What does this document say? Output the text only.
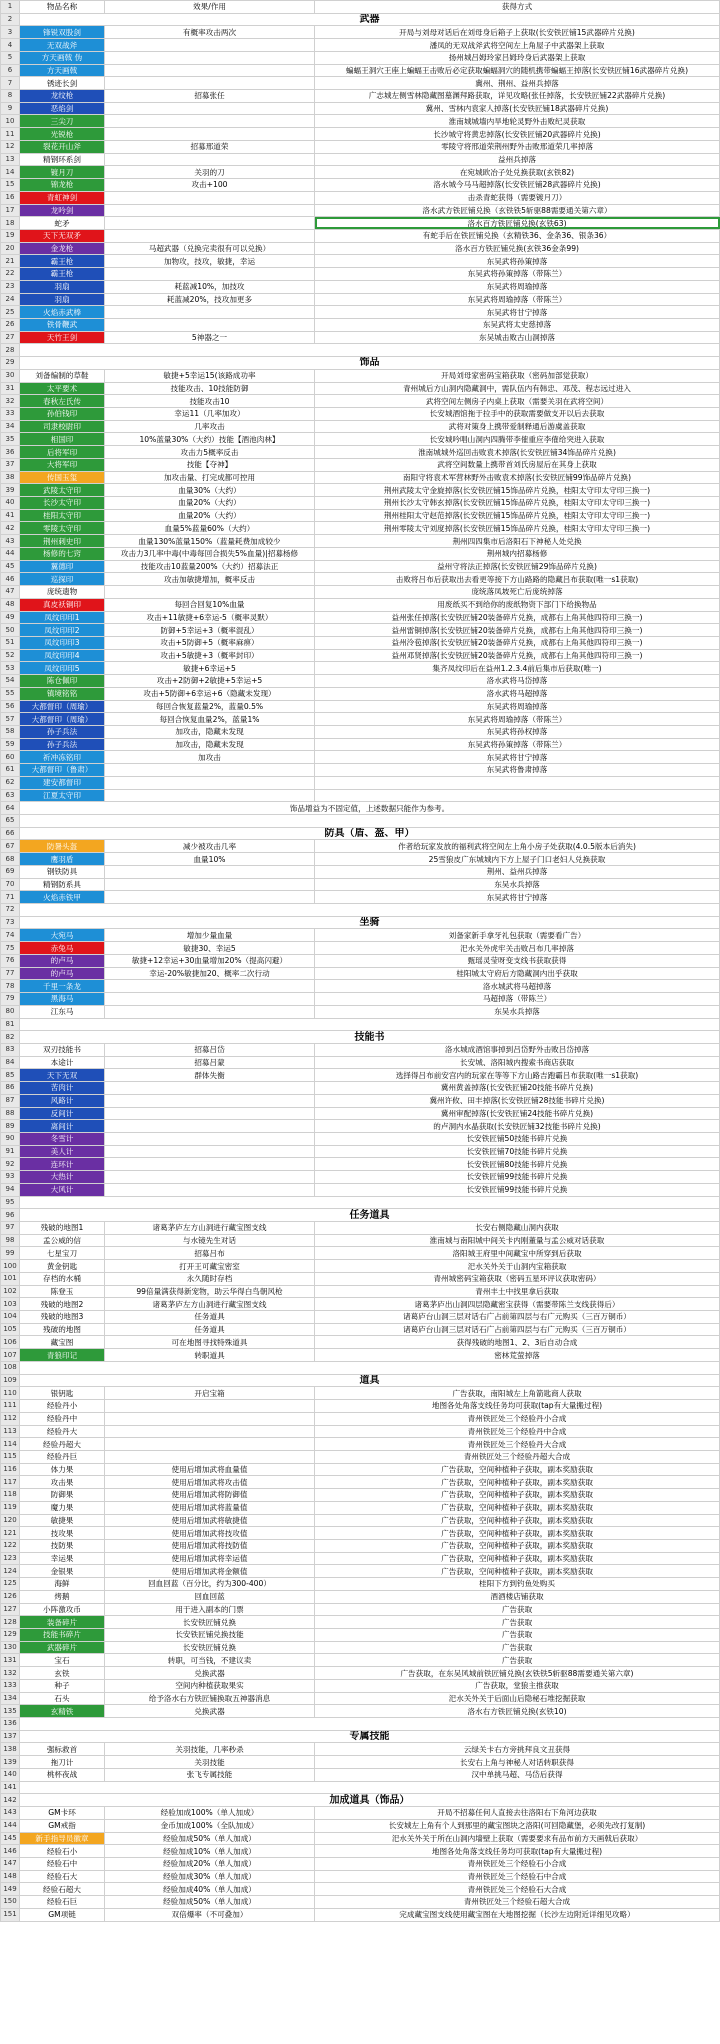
1	物品名称	效果/作用	获得方式
2	武器		
3	锋锐双股剑	有概率攻击两次	开局与刘母对话后在刘母身后箱子上获取(长安铁匠铺15武器碎片兑换)
4	无双战斧		潘凤的无双战斧武将空间左上角屋子中武器架上获取
5	方天画戟 伪		扬州城吕姆玲家吕姆玲身后武器架上获取
6	方天画戟		蝙蝠王洞穴王座上蝙蝠王击败后必定获取蝙蝠洞穴的随机携带蝙蝠王掉落(长安铁匠铺16武器碎片兑换)
7	锈迹长剑		冀州、荆州、益州兵掉落
8	龙纹枪	招募张任	广志城左侧雪林隐藏图墓渊拜路获取，详见攻略(张任掉落，长安铁匠铺22武器碎片兑换)
9	恶焰剑		冀州、雪林内袁家人掉落(长安铁匠铺18武器碎片兑换)
10	三尖刀		淮南城城墙内旱地轮灵野外击败纪灵获取
11	光锐枪		长沙城守将黄忠掉落(长安铁匠铺20武器碎片兑换)
12	裂花开山斧	招募邢道荣	零陵守将邢道荣荆州野外击败邢道荣几率掉落
13	精钢环系剑		益州兵掉落
14	镀月刀	关羽的刀	在宛城欧冶子处兑换获取(玄铁82)
15	锦龙枪	攻击+100	洛水城今马马超掉落(长安铁匠铺28武器碎片兑换)
16	青虹神剑		击杀青蛇获得（需要镀月刀）
17	龙吟剑		洛水武方铁匠铺兑换（玄铁铁5斩驱88需要通关第六章）
18	蛇矛		洛水百方铁匠铺兑换(玄铁63)
19	天下无双矛		有蛇手后在铁匠铺兑换（玄精铁36、金条36、银条36）
20	金龙枪	马超武器（兑换完卖很有可以兑换）	洛水百方铁匠铺兑换(玄铁36金条99)
21	霸王枪	加物攻，技攻，敏捷，幸运	东吴武将孙策掉落
22	霸王枪		东吴武将孙策掉落（带陈兰）
23	羽扇	耗蓝减10%，加技攻	东吴武将周瑜掉落
24	羽扇	耗蓝减20%，技攻加更多	东吴武将周瑜掉落（带陈兰）
25	火焰赤武棒		东吴武将甘宁掉落
26	铁骨鞭武		东吴武将太史慈掉落
27	天竹王剑	5神器之一	东吴城击败古山洞掉落
28			
29	饰品		
30	刘备编制的草鞋	敏捷+5幸运15(该路成功率	开局刘母家密码宝箱获取（密码加部觉获取）
31	太平要术	技能攻击、10技能防御	青州城后方山洞内隐藏洞中，需队伍内有韩忠、邓茂、程志远过进入
32	春秋左氏传	技能攻击10	武将空间左侧房子内桌上获取（需要关羽在武将空间）
33	孙伯钱印	幸运11（几率加攻）	长安城酒馆拖于拉手中的获取需要做支开以后去获取
34	司隶校尉印	几率攻击	武将对策身上携带爱制释通后游虞盖获取
35	相国印	10%蓝量30%（大约）技能【酒池肉林】	长安城吟唱山洞内四腾带李傕重应李傕给突进入获取
36	后将军印	攻击力5概率反击	淮南城城外巡回击败袁术掉落(长安铁匠铺34饰品碎片兑换)
37	大将军印	技能【夺神】	武将空间数量上携带首刘氏房屋后在其身上获取
38	传国玉玺	加攻击量、打完成都可控用	南阳守将袁术军营林野外击败袁术掉落(长安铁匠铺99饰品碎片兑换)
39	武陵太守印	血量30%（大约）	荆州武陵太守金旋掉落(长安铁匠铺15饰品碎片兑换，桂阳太守印太守印三换一)
40	长沙太守印	血量20%（大约）	荆州长沙太守韩玄掉落(长安铁匠铺15饰品碎片兑换，桂阳太守印太守印三换一)
41	桂阳太守印	血量20%（大约）	荆州桂阳太守赵范掉落(长安铁匠铺15饰品碎片兑换，桂阳太守印太守印三换一)
42	零陵太守印	血量5%蓝量60%（大约）	荆州零陵太守刘度掉落(长安铁匠铺15饰品碎片兑换，桂阳太守印太守印三换一)
43	荆州刺史印	血量130%蓝量150%（蓝量耗费加成较少	荆州四四集市后洛阳石下神秘人处兑换
44	杨修的七窍	攻击力3几率中毒(中毒每回合损失5%血量)|招募杨修	荆州城内招募杨修
45	翼德印	技能攻击10蓝量200%（大约）招募法正	益州守将法正掉落(长安铁匠铺29饰品碎片兑换)
46	巡探印	攻击加敏捷增加，概率反击	击败将吕布后获取出去看更等接下方山路路的隐藏吕布获取(唯一s1获取)
47	庞统遗物		庞统落凤坡死亡后庞统掉落
48	真皮袄铜印	每回合回复10%血量	用废纸买不到给你的废纸物资下部门下给换物品
49	凤纹印印1	攻击+11敏捷+6幸运-5（概率灵默）	益州张任掉落(长安铁匠铺20装备碎片兑换，成都右上角其他四符印三换一)
50	凤纹印印2	防御+5幸运+3（概率混乱）	益州雷铜掉落(长安铁匠铺20装备碎片兑换，成都右上角其他四符印三换一)
51	凤纹印印3	攻击+5防御+5（概率麻痹）	益州泠苞掉落(长安铁匠铺20装备碎片兑换，成都右上角其他四符印三换一)
52	凤纹印印4	攻击+5敏捷+3（概率封印）	益州邓贤掉落(长安铁匠铺20装备碎片兑换，成都右上角其他四符印三换一)
53	凤纹印印5	敏捷+6幸运+5	集齐凤纹印后在益州1.2.3.4前后集市后获取(唯一)
54	陈仓佩印	攻击+2防御+2敏捷+5幸运+5	洛水武将马岱掉落
55	镇境铭铭	攻击+5防御+6幸运+6（隐藏未发现）	洛水武将马超掉落
56	大都督印（周瑜）	每回合恢复蓝量2%，蓝量0.5%	东吴武将周瑜掉落
57	大都督印（周瑜）	每回合恢复血量2%，蓝量1%	东吴武将周瑜掉落（带陈兰）
58	孙子兵法	加攻击，隐藏未发现	东吴武将孙权掉落
59	孙子兵法	加攻击，隐藏未发现	东吴武将孙策掉落（带陈兰）
60	祈冲冻铭印	加攻击	东吴武将甘宁掉落
61	大都督印（鲁肃）		东吴武将鲁肃掉落
62	建安都督印		
63	江夏太守印		
64	饰品增益为不固定值，上述数据只能作为参考。		
65			
66	防具（盾、盔、甲）		
67	防暑头盔	减少被攻击几率	作者给玩家发放的福利武将空间左上角小房子处获取(4.0.5版本后消失)
68	鹰羽盾	血量10%	25雪狼皮广东城城内下方上屋子门口老妇人兑换获取
69	钢铁防具		荆州、益州兵掉落
70	精钢防系具		东吴水兵掉落
71	火焰赤铁甲		东吴武将甘宁掉落
72			
73	坐骑		
74	大宛马	增加少量血量	刘备家新手拿牙礼包获取（需要看广告）
75	赤兔马	敏捷30、幸运5	汜水关外虎牢关击败吕布几率掉落
76	的卢马	敏捷+12幸运+30血量增加20%（提高闪避）	甄瑶灵莹呀变支线书获取获得
77	的卢马	幸运-20%敏捷加20、概率二次行动	桂阳城太守府后方隐藏洞内出乎获取
78	千里一条龙		洛水城武将马超掉落
79	黑海马		马超掉落（带陈兰）
80	江东马		东吴水兵掉落
81			
82	技能书		
83	双刃技能书	招募吕岱	洛水城成酒馆事掉到吕岱野外击败吕岱掉落
84	本途计	招募吕蒙	长安城、洛阳城内搜索书商店获取
85	天下无双	群体失衡	选择得吕布前安宫内的玩家在等等下方山路吉跑霸吕布获取(唯一s1获取)
86	苦肉计		冀州黄盖掉落(长安铁匠铺20技能书碎片兑换)
87	风路计		冀州许攸、田丰掉落(长安铁匠铺28技能书碎片兑换)
88	反间计		冀州审配掉落(长安铁匠铺24技能书碎片兑换)
89	离间计		的卢洞内水晶获取(长安铁匠铺32技能书碎片兑换)
90	冬雪计		长安铁匠铺50技能书碎片兑换
91	美人计		长安铁匠铺70技能书碎片兑换
92	连环计		长安铁匠铺80技能书碎片兑换
93	大热计		长安铁匠铺99技能书碎片兑换
94	大风计		长安铁匠铺99技能书碎片兑换
95			
96	任务道具		
97	残破的地图1	诸葛茅庐左方山洞进行藏宝图支线	长安右侧隐藏山洞内获取
98	孟公威的信	与水镜先生对话	淮南城与南阳城中间关卡内刚董量与孟公威对话获取
99	七星宝刀	招募吕布	洛阳城王府里中间藏宝中所穿到后获取
100	黄金钥匙	打开王可藏宝密室	汜水关外关于山洞内宝箱获取
101	存档的水桶	永久随时存档	青州城密码宝箱获取（密码五星环评议获取密码）
102	陈登玉	99倍量满获得新宠物，助云华得白鸟朝风枪	青州丰土中找里拿后获取
103	残破的地图2	诸葛茅庐左方山洞进行藏宝图支线	诸葛茅庐出山洞四层隐藏密宝获得（需要带陈兰支线获得后）
104	残破的地图3	任务道具	诸葛庐台山洞三层对话右广占前第四层与右广元购买（三百万铜币）
105	残破的地图	任务道具	诸葛庐台山洞三层对话石广占前第四层与右广元购买（三百万铜币）
106	藏宝图	可在地图寻找特殊道具	获得残破的地图1、2、3后自动合成
107	青狼印记	转职道具	密林荒萤掉落
108			
109	道具		
110	银钥匙	开启宝箱	广告获取，南阳城左上角箭匙商人获取
111	经验丹小		地图各处角落支线任务均可获取(tap有大量搬过程)
112	经验丹中		青州铁匠处三个经验丹小合成
113	经验丹大		青州铁匠处三个经验丹中合成
114	经验丹超大		青州铁匠处三个经验丹大合成
115	经验丹巨		青州铁匠处三个经验丹超大合成
116	体力果	使用后增加武将血量值	广告获取，空间种植种子获取，副本奖励获取
117	攻击果	使用后增加武将攻击值	广告获取，空间种植种子获取，副本奖励获取
118	防御果	使用后增加武将防御值	广告获取，空间种植种子获取，副本奖励获取
119	魔力果	使用后增加武将蓝量值	广告获取，空间种植种子获取，副本奖励获取
120	敏捷果	使用后增加武将敏捷值	广告获取，空间种植种子获取，副本奖励获取
121	技攻果	使用后增加武将技攻值	广告获取，空间种植种子获取，副本奖励获取
122	技防果	使用后增加武将技防值	广告获取，空间种植种子获取，副本奖励获取
123	幸运果	使用后增加武将幸运值	广告获取，空间种植种子获取，副本奖励获取
124	金银果	使用后增加武将金额值	广告获取，空间种植种子获取，副本奖励获取
125	海鲜	回血回蓝（百分比，约为300-400）	桂阳下方到钓鱼处购买
126	烤鹅	回血回蓝	酒酒楼店铺获取
127	小阵激攻币	用于进入副本的门票	广告获取
128	装备碎片	长安铁匠铺兑换	广告获取
129	技能书碎片	长安铁匠铺兑换技能	广告获取
130	武器碎片	长安铁匠铺兑换	广告获取
131	宝石	转职，可当钱，不建议卖	广告获取
132	玄铁	兑换武器	广告获取，在东吴风城前铁匠铺兑换(玄铁铁5斩驱88需要通关第六章)
133	种子	空间内种植获取果实	广告获取，堂狼主推获取
134	石头	给予洛水右方铁匠铺换取五神器消息	汜水关外关于后面山后隐秘石堆挖掘获取
135	玄精铁	兑换武器	洛水右方铁匠铺兑换(玄铁10)
136			
137	专属技能		
138	强标救首	关羽技能，几率秒杀	云绿关卡右方旁挑拜良文丑获得
139	拖刀计	关羽技能	长安右上角与神秘人对话转职获得
140	桃杯夜战	张飞专属技能	汉中单挑马超、马岱后获得
141			
142	加成道具（饰品）		
143	GM卡环	经验加成100%（单人加成）	开局不招募任何人直接去往洛阳右下角河边获取
144	GM戒指	金币加成100%（全队加成）	长安城左上角有个人到那里的藏宝图块之洛阳(可回隐藏堡，必须先改打复制)
145	新手指导员徽章	经验加成50%（单人加成）	汜水关外关于所在山洞内墙壁上获取（需要要求有品布前方天画戟后获取）
146	经验石小	经验加成10%（单人加成）	地图各处角落支线任务均可获取(tap有大量搬过程)
147	经验石中	经验加成20%（单人加成）	青州铁匠处三个经验石小合成
148	经验石大	经验加成30%（单人加成）	青州铁匠处三个经验石中合成
149	经验石超大	经验加成40%（单人加成）	青州铁匠处三个经验石大合成
150	经验石巨	经验加成50%（单人加成）	青州铁匠处三个经验石超大合成
151	GM项链	双倍爆率（不可叠加）	完成藏宝图支线使用藏宝图在大地图挖掘（长沙左边附近详细见攻略）
